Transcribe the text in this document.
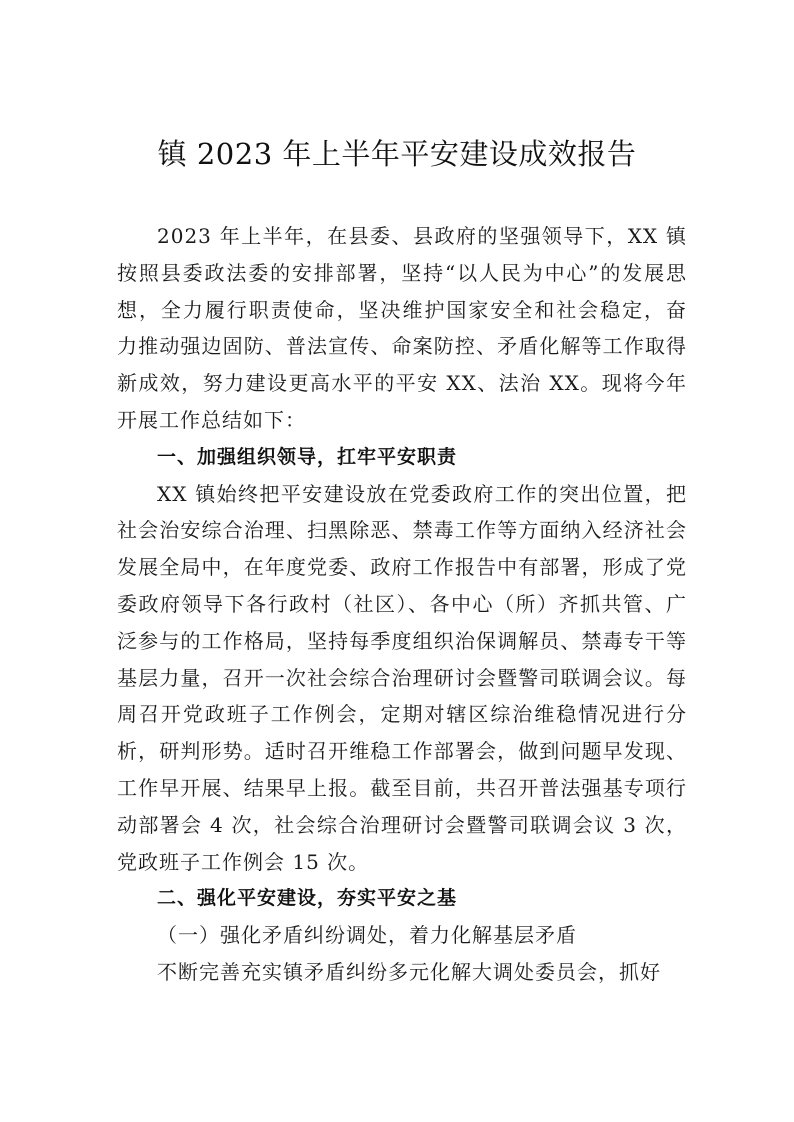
镇 2023 年上半年平安建设成效报告

2023 年上半年，在县委、县政府的坚强领导下，XX 镇按照县委政法委的安排部署，坚持“以人民为中心”的发展思想，全力履行职责使命，坚决维护国家安全和社会稳定，奋 力推动强边固防、普法宣传、命案防控、矛盾化解等工作取得新成效，努力建设更高水平的平安 XX、法治 XX。现将今年开展工作总结如下：

一、加强组织领导，扛牢平安职责

XX 镇始终把平安建设放在党委政府工作的突出位置，把社会治安综合治理、扫黑除恶、禁毒工作等方面纳入经济社会发展全局中，在年度党委、政府工作报告中有部署，形成了党委政府领导下各行政村（社区）、各中心（所）齐抓共管、广泛参与的工作格局，坚持每季度组织治保调解员、禁毒专干等基层力量，召开一次社会综合治理研讨会暨警司联调会议。每周召开党政班子工作例会，定期对辖区综治维稳情况进行分析，研判形势。适时召开维稳工作部署会，做到问题早发现、工作早开展、结果早上报。截至目前，共召开普法强基专项行动部署会 4 次，社会综合治理研讨会暨警司联调会议 3 次，党政班子工作例会 15 次。

二、强化平安建设，夯实平安之基

（一）强化矛盾纠纷调处，着力化解基层矛盾

不断完善充实镇矛盾纠纷多元化解大调处委员会，抓好
